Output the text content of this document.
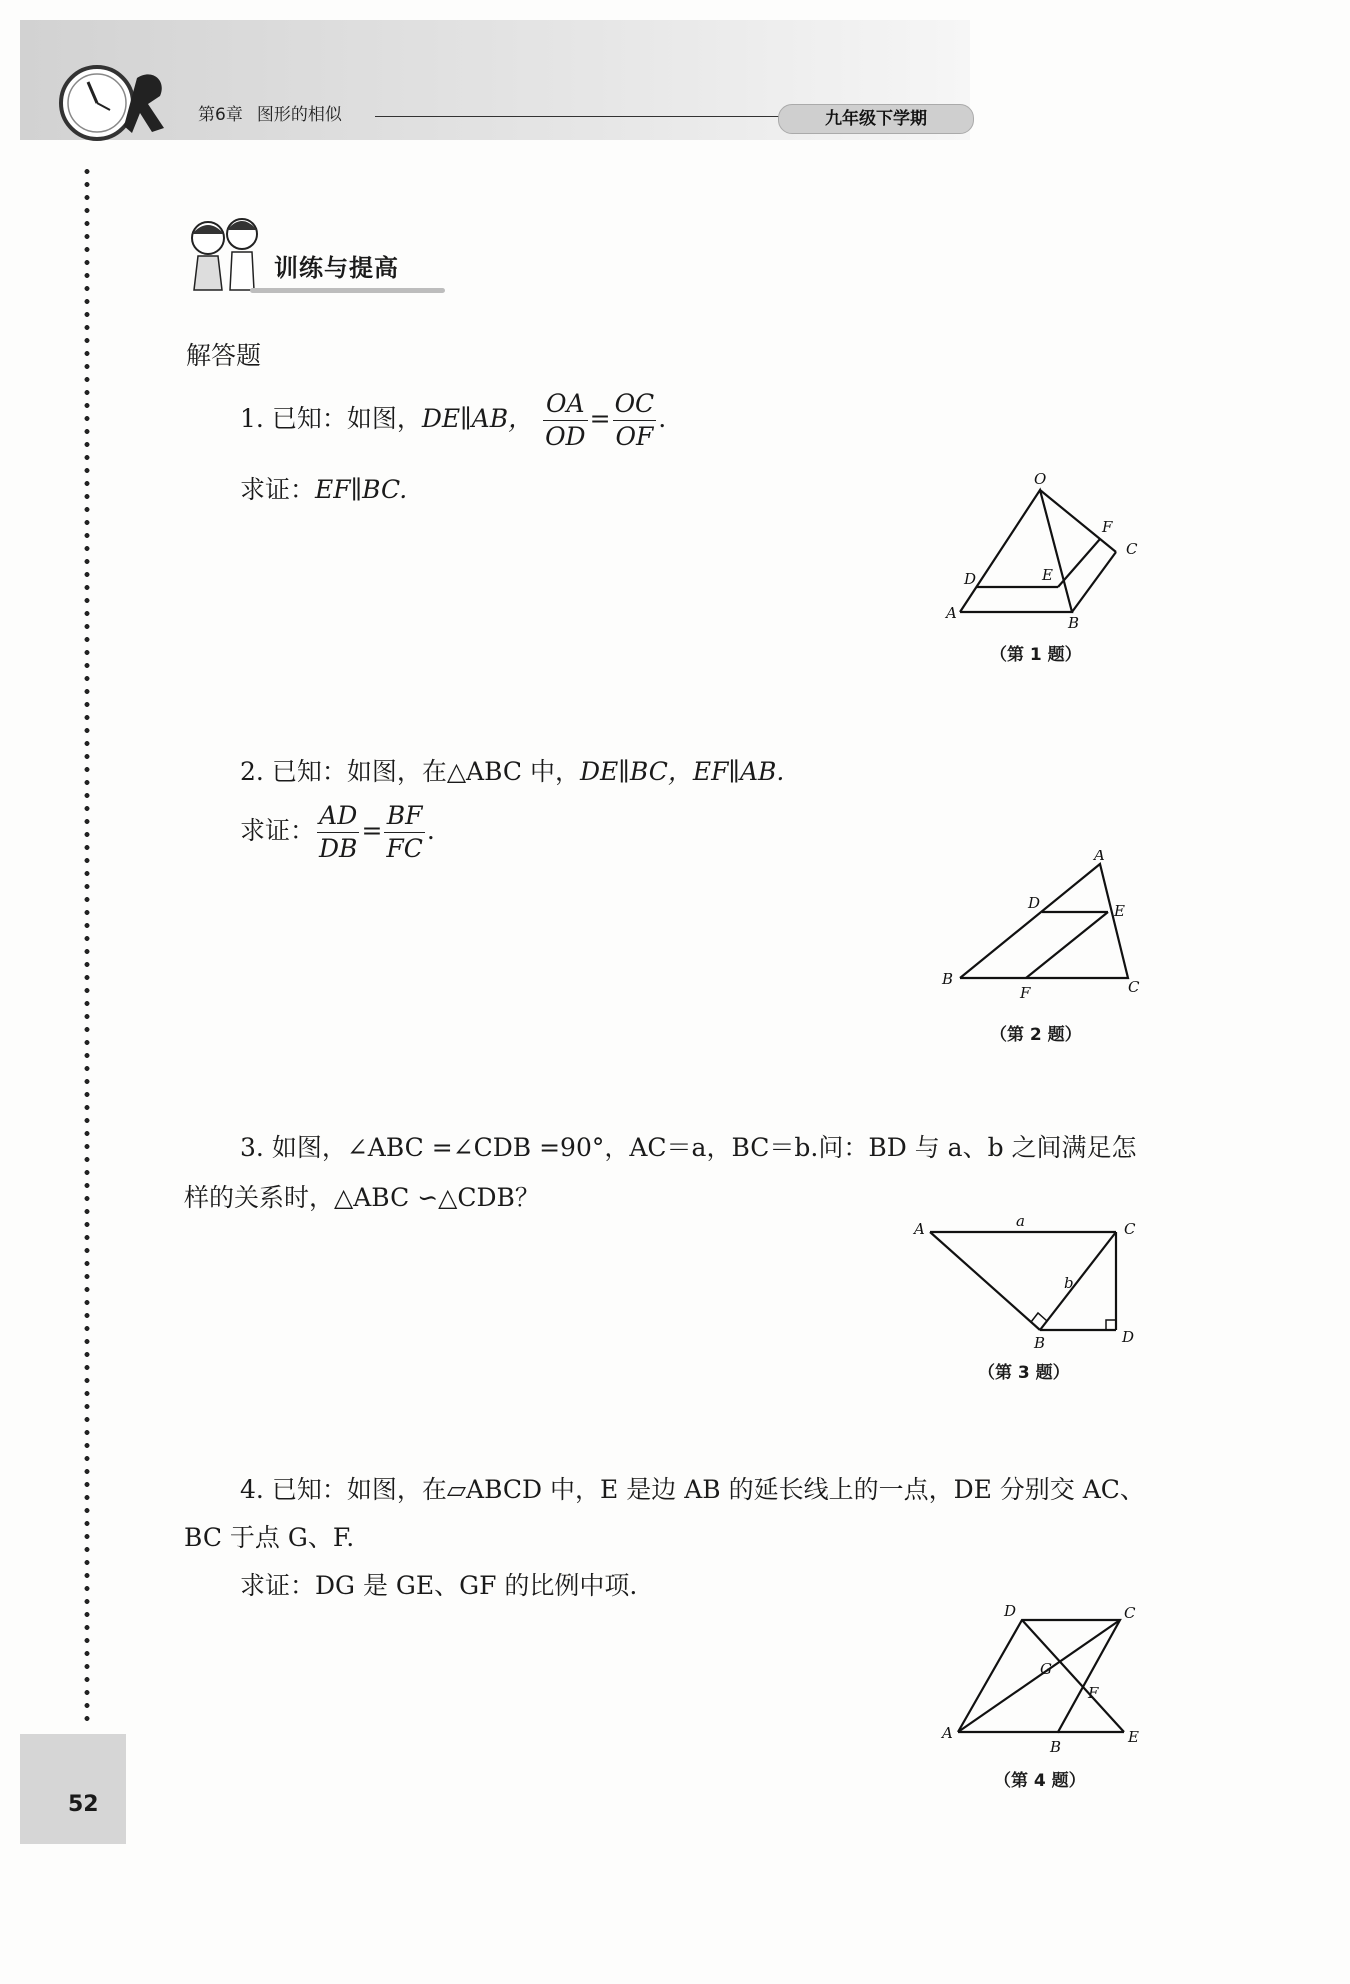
第6章 图形的相似	九年级下学期
52
训练与提高
解答题
1. 已知：如图，DE∥AB， $\frac{OA}{OD} = \frac{OC}{OF}$ .
求证：EF∥BC.	O
F
C
D	E
A
B
（第 1 题）
2. 已知：如图，在△ABC 中，DE∥BC，EF∥AB.
求证： $\frac{AD}{DB} = \frac{BF}{FC}$ .
A
D	E
B
F	C
（第 2 题）
3. 如图，∠ABC =∠CDB =90°，AC＝a，BC＝b.问：BD 与 a、b 之间满足怎
样的关系时，△ABC ∽△CDB？
A	a	C
b
B	D
（第 3 题）
4. 已知：如图，在▱ABCD 中，E 是边 AB 的延长线上的一点，DE 分别交 AC、
BC 于点 G、F.
求证：DG 是 GE、GF 的比例中项.
D	C
G
F
A
B
E
（第 4 题）
